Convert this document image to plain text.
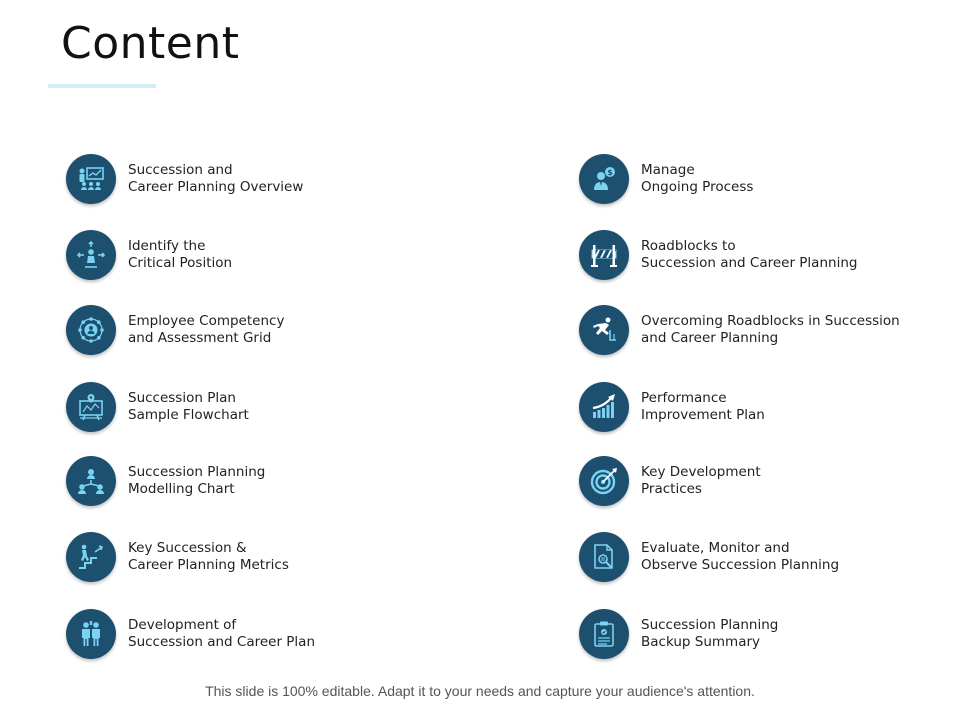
Content
Succession and
Career Planning Overview
Identify the
Critical Position
Employee Competency
and Assessment Grid
Succession Plan
Sample Flowchart
Succession Planning
Modelling Chart
Key Succession &
Career Planning Metrics
Development of
Succession and Career Plan
$ Manage
Ongoing Process
Roadblocks to
Succession and Career Planning
Overcoming Roadblocks in Succession
and Career Planning
Performance
Improvement Plan
Key Development
Practices
Evaluate, Monitor and
Observe Succession Planning
Succession Planning
Backup Summary
This slide is 100% editable. Adapt it to your needs and capture your audience's attention.
